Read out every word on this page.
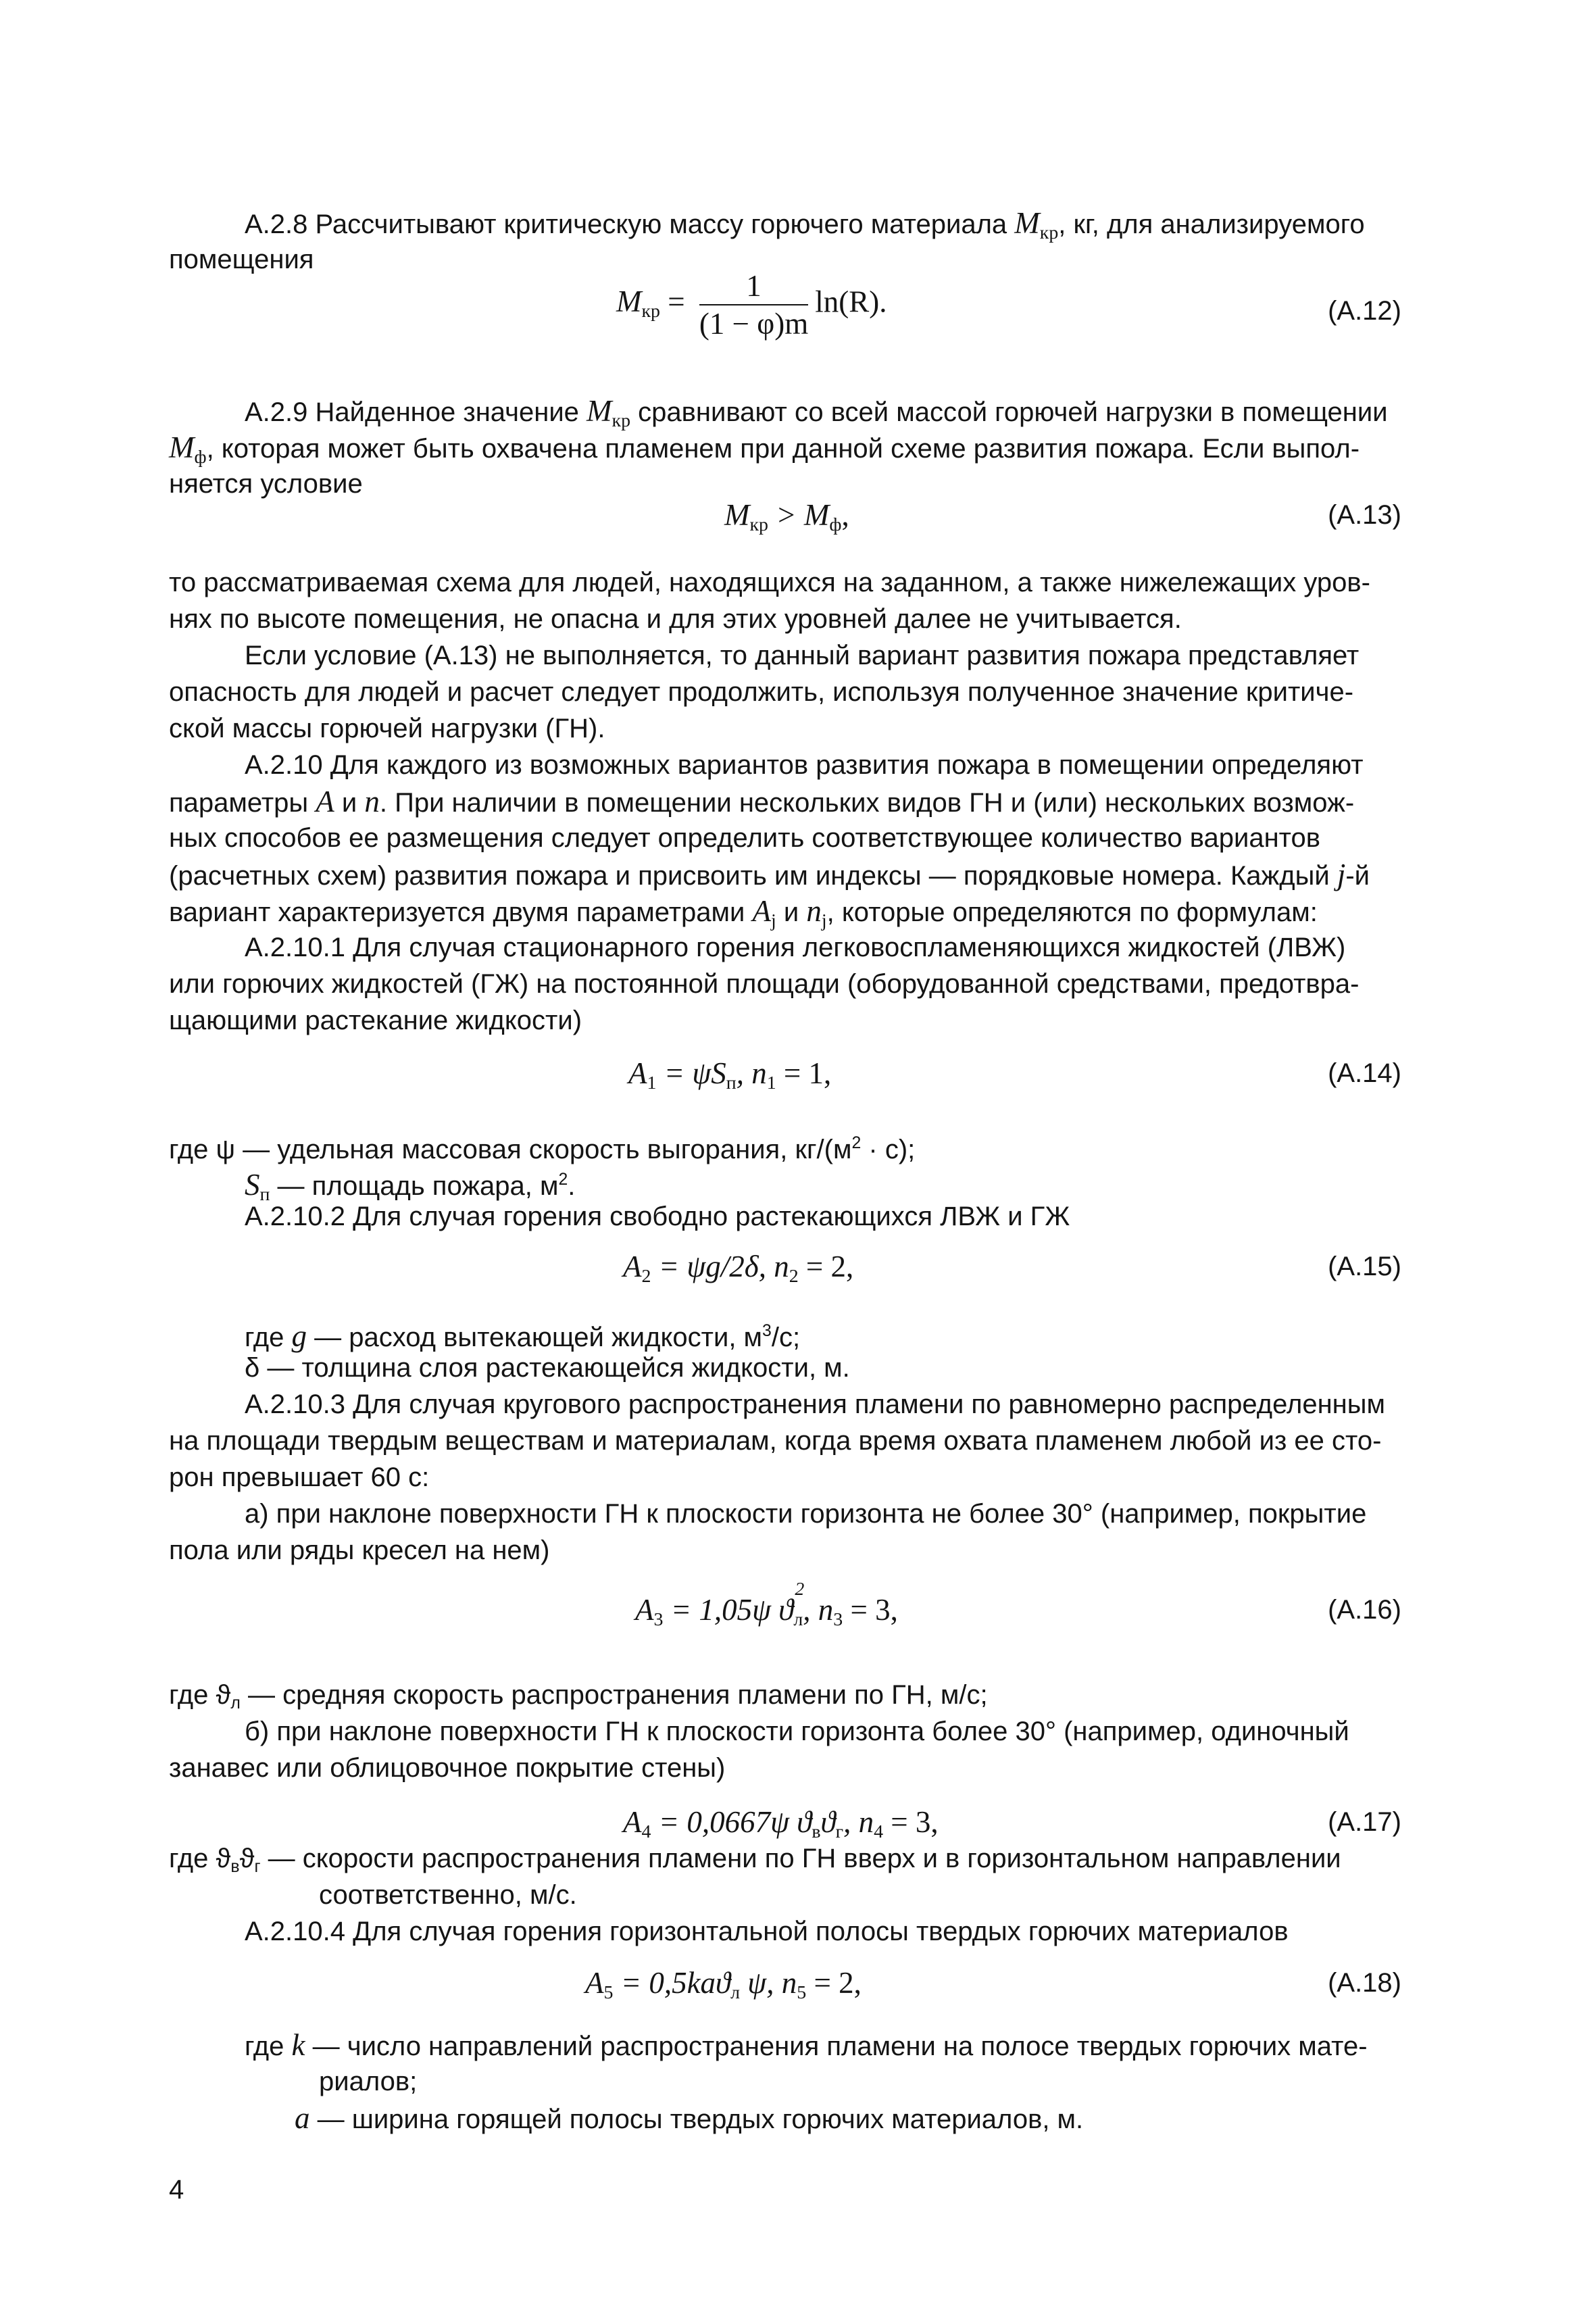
А.2.8 Рассчитывают критическую массу горючего материала $M_{кр}$, кг, для анализируемого
помещения
$M_{кр} = \frac{1}{(1 - \varphi)m} \ln(R)$.	(А.12)
А.2.9 Найденное значение $M_{кр}$ сравнивают со всей массой горючей нагрузки в помещении
$M_ф$, которая может быть охвачена пламенем при данной схеме развития пожара. Если выпол-
няется условие
$M_{кр} > M_ф$,	(А.13)
то рассматриваемая схема для людей, находящихся на заданном, а также нижележащих уров-
нях по высоте помещения, не опасна и для этих уровней далее не учитывается.
Если условие (А.13) не выполняется, то данный вариант развития пожара представляет
опасность для людей и расчет следует продолжить, используя полученное значение критиче-
ской массы горючей нагрузки (ГН).
А.2.10 Для каждого из возможных вариантов развития пожара в помещении определяют
параметры А и n. При наличии в помещении нескольких видов ГН и (или) нескольких возмож-
ных способов ее размещения следует определить соответствующее количество вариантов
(расчетных схем) развития пожара и присвоить им индексы — порядковые номера. Каждый j-й
вариант характеризуется двумя параметрами $A_j$ и $n_j$, которые определяются по формулам:
А.2.10.1 Для случая стационарного горения легковоспламеняющихся жидкостей (ЛВЖ)
или горючих жидкостей (ГЖ) на постоянной площади (оборудованной средствами, предотвра-
щающими растекание жидкости)
$A_1 = \psi S_п$, $n_1 = 1$,	(А.14)
где ψ — удельная массовая скорость выгорания, $кг/(м^2 \cdot с)$;
$S_п$ — площадь пожара, $м^2$.
А.2.10.2 Для случая горения свободно растекающихся ЛВЖ и ГЖ
$A_2 = \psi g/2\delta$, $n_2 = 2$,	(А.15)
где g — расход вытекающей жидкости, $м^3/с$;
δ — толщина слоя растекающейся жидкости, м.
А.2.10.3 Для случая кругового распространения пламени по равномерно распределенным
на площади твердым веществам и материалам, когда время охвата пламенем любой из ее сто-
рон превышает 60 с:
а) при наклоне поверхности ГН к плоскости горизонта не более 30° (например, покрытие
пола или ряды кресел на нем)
$A_3 = 1,05\psi$ $ϑ_л$
2
, $n_3 = 3$,	(А.16)
где $ϑ_л$ — средняя скорость распространения пламени по ГН, м/с;
б) при наклоне поверхности ГН к плоскости горизонта более 30° (например, одиночный
занавес или облицовочное покрытие стены)
$A_4 = 0,0667\psi$ $ϑ_вϑ_г$, $n_4 = 3$,	(А.17)
где $ϑ_вϑ_г$ — скорости распространения пламени по ГН вверх и в горизонтальном направлении
соответственно, м/с.
А.2.10.4 Для случая горения горизонтальной полосы твердых горючих материалов
$A_5 = 0,5kaϑ_л$ ψ, $n_5 = 2$,	(А.18)
где k — число направлений распространения пламени на полосе твердых горючих мате-
риалов;
a — ширина горящей полосы твердых горючих материалов, м.
4
